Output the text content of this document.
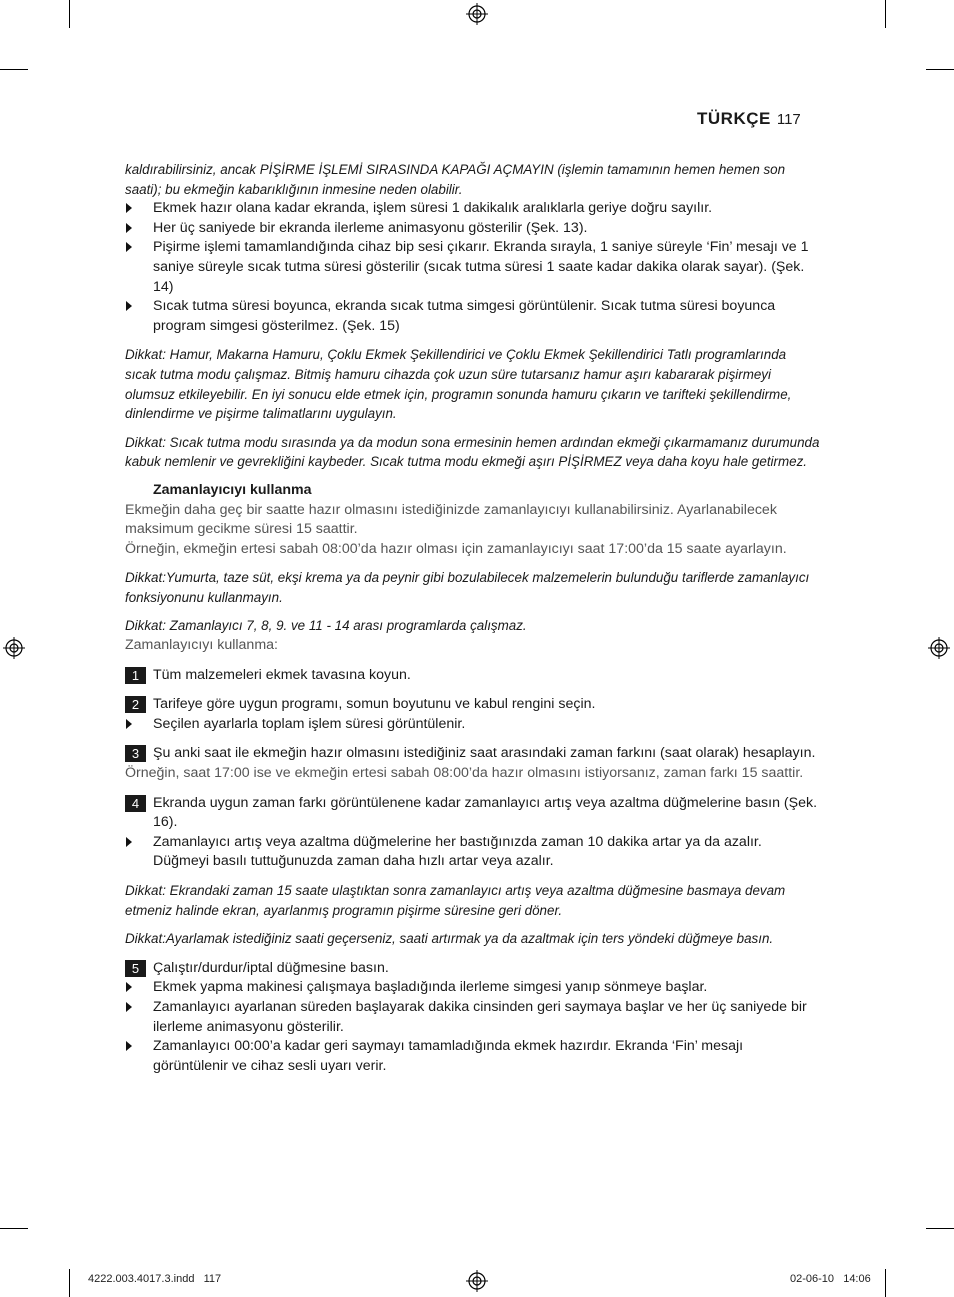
TÜRKÇE 117

kaldırabilirsiniz, ancak PİŞİRME İŞLEMİ SIRASINDA KAPAĞI AÇMAYIN (işlemin tamamının hemen hemen son saati); bu ekmeğin kabarıklığının inmesine neden olabilir.

Ekmek hazır olana kadar ekranda, işlem süresi 1 dakikalık aralıklarla geriye doğru sayılır.

Her üç saniyede bir ekranda ilerleme animasyonu gösterilir (Şek. 13).

Pişirme işlemi tamamlandığında cihaz bip sesi çıkarır. Ekranda sırayla, 1 saniye süreyle ‘Fin’ mesajı ve 1 saniye süreyle sıcak tutma süresi gösterilir (sıcak tutma süresi 1 saate kadar dakika olarak sayar). (Şek. 14)

Sıcak tutma süresi boyunca, ekranda sıcak tutma simgesi görüntülenir. Sıcak tutma süresi boyunca program simgesi gösterilmez. (Şek. 15)

Dikkat: Hamur, Makarna Hamuru, Çoklu Ekmek Şekillendirici ve Çoklu Ekmek Şekillendirici Tatlı programlarında sıcak tutma modu çalışmaz. Bitmiş hamuru cihazda çok uzun süre tutarsanız hamur aşırı kabararak pişirmeyi olumsuz etkileyebilir. En iyi sonucu elde etmek için, programın sonunda hamuru çıkarın ve tarifteki şekillendirme, dinlendirme ve pişirme talimatlarını uygulayın.

Dikkat: Sıcak tutma modu sırasında ya da modun sona ermesinin hemen ardından ekmeği çıkarmamanız durumunda kabuk nemlenir ve gevrekliğini kaybeder. Sıcak tutma modu ekmeği aşırı PİŞİRMEZ veya daha koyu hale getirmez.

Zamanlayıcıyı kullanma

Ekmeğin daha geç bir saatte hazır olmasını istediğinizde zamanlayıcıyı kullanabilirsiniz. Ayarlanabilecek maksimum gecikme süresi 15 saattir.

Örneğin, ekmeğin ertesi sabah 08:00’da hazır olması için zamanlayıcıyı saat 17:00’da 15 saate ayarlayın.

Dikkat:Yumurta, taze süt, ekşi krema ya da peynir gibi bozulabilecek malzemelerin bulunduğu tariflerde zamanlayıcı fonksiyonunu kullanmayın.

Dikkat: Zamanlayıcı 7, 8, 9. ve 11 - 14 arası programlarda çalışmaz.

Zamanlayıcıyı kullanma:

1 Tüm malzemeleri ekmek tavasına koyun.

2 Tarifeye göre uygun programı, somun boyutunu ve kabul rengini seçin.

Seçilen ayarlarla toplam işlem süresi görüntülenir.

3 Şu anki saat ile ekmeğin hazır olmasını istediğiniz saat arasındaki zaman farkını (saat olarak) hesaplayın.

Örneğin, saat 17:00 ise ve ekmeğin ertesi sabah 08:00’da hazır olmasını istiyorsanız, zaman farkı 15 saattir.

4 Ekranda uygun zaman farkı görüntülenene kadar zamanlayıcı artış veya azaltma düğmelerine basın (Şek. 16).

Zamanlayıcı artış veya azaltma düğmelerine her bastığınızda zaman 10 dakika artar ya da azalır. Düğmeyi basılı tuttuğunuzda zaman daha hızlı artar veya azalır.

Dikkat: Ekrandaki zaman 15 saate ulaştıktan sonra zamanlayıcı artış veya azaltma düğmesine basmaya devam etmeniz halinde ekran, ayarlanmış programın pişirme süresine geri döner.

Dikkat:Ayarlamak istediğiniz saati geçerseniz, saati artırmak ya da azaltmak için ters yöndeki düğmeye basın.

5 Çalıştır/durdur/iptal düğmesine basın.

Ekmek yapma makinesi çalışmaya başladığında ilerleme simgesi yanıp sönmeye başlar.

Zamanlayıcı ayarlanan süreden başlayarak dakika cinsinden geri saymaya başlar ve her üç saniyede bir ilerleme animasyonu gösterilir.

Zamanlayıcı 00:00’a kadar geri saymayı tamamladığında ekmek hazırdır. Ekranda ‘Fin’ mesajı görüntülenir ve cihaz sesli uyarı verir.

4222.003.4017.3.indd   117	02-06-10   14:06
